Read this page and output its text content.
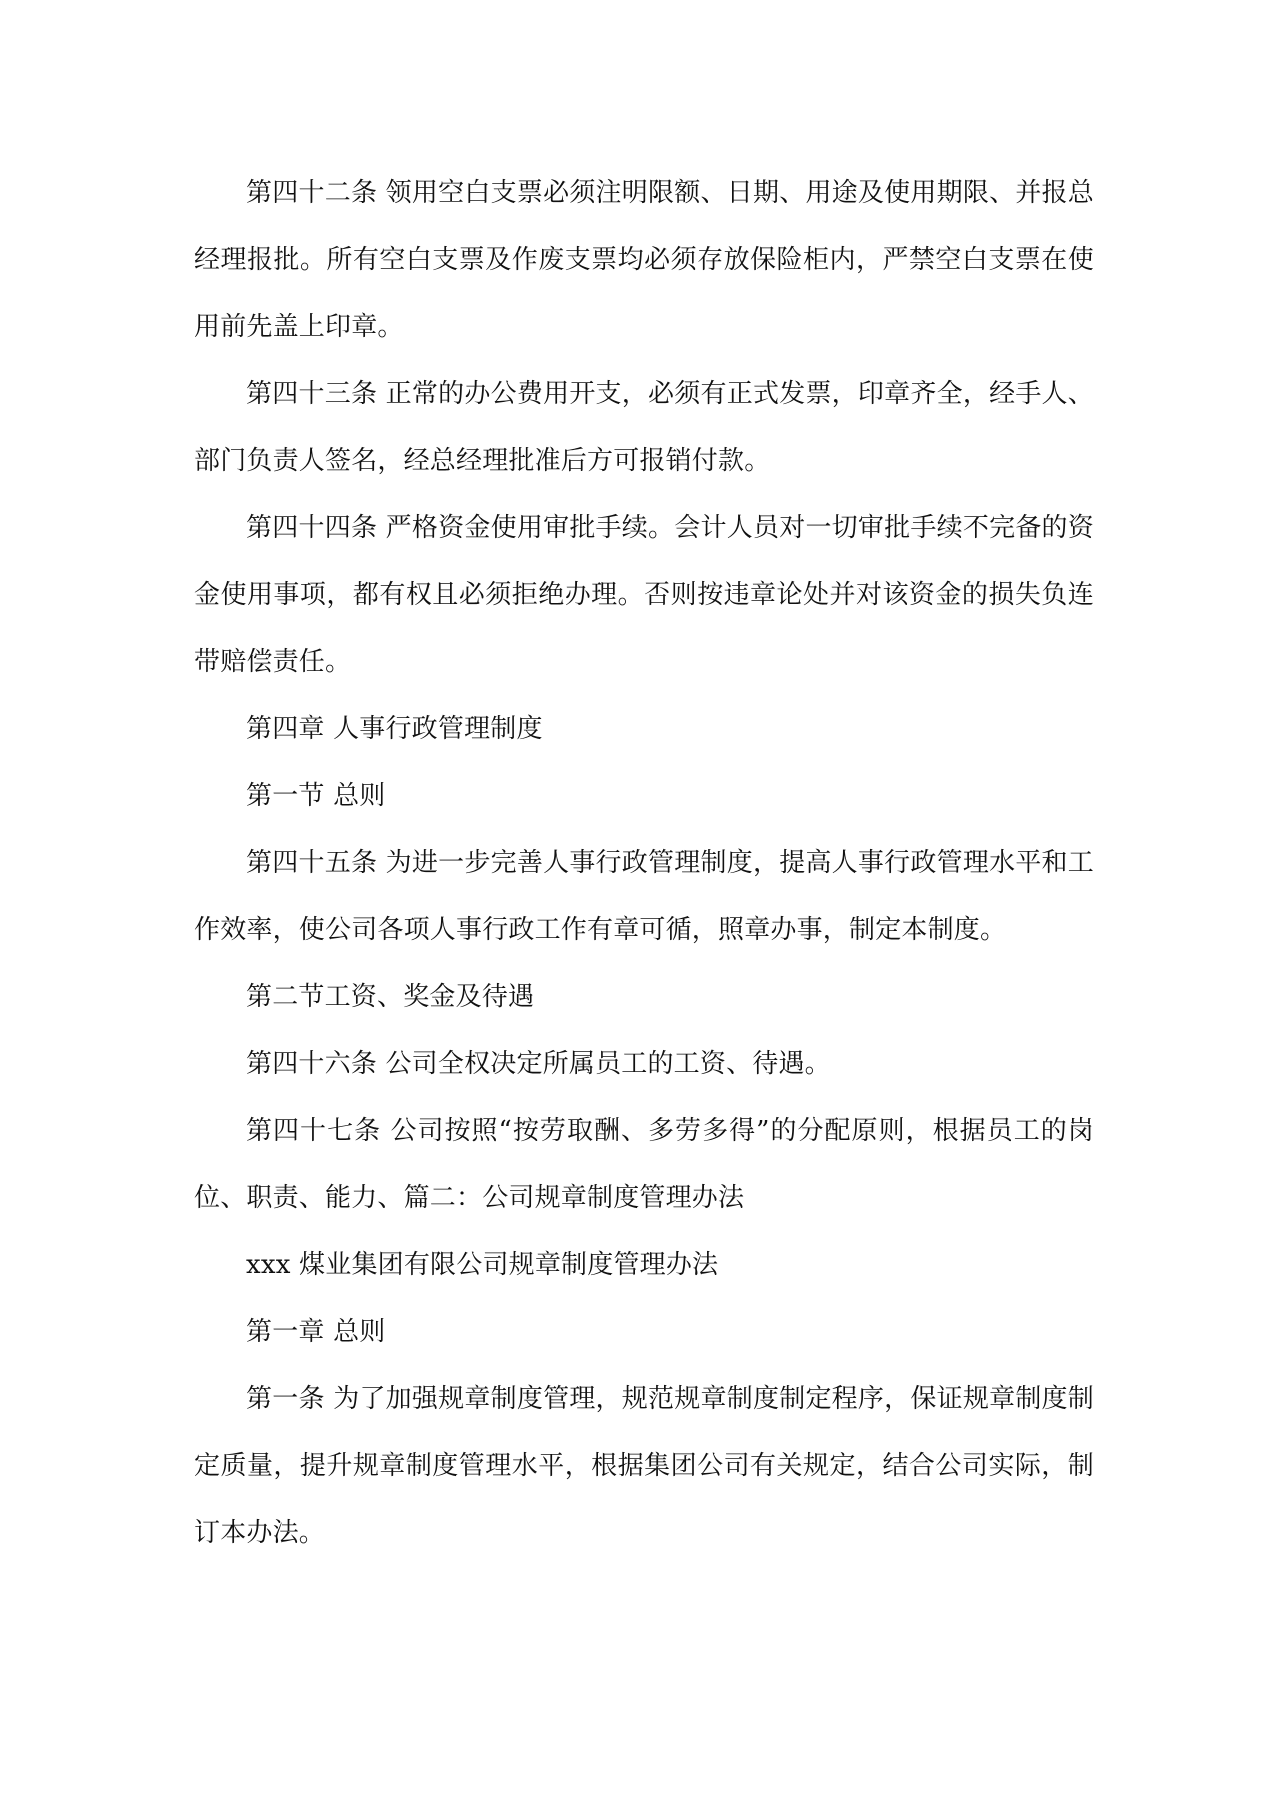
第四十二条 领用空白支票必须注明限额、日期、用途及使用期限、并报总经理报批。所有空白支票及作废支票均必须存放保险柜内，严禁空白支票在使用前先盖上印章。

第四十三条 正常的办公费用开支，必须有正式发票，印章齐全，经手人、部门负责人签名，经总经理批准后方可报销付款。

第四十四条 严格资金使用审批手续。会计人员对一切审批手续不完备的资金使用事项，都有权且必须拒绝办理。否则按违章论处并对该资金的损失负连带赔偿责任。

第四章 人事行政管理制度

第一节 总则

第四十五条 为进一步完善人事行政管理制度，提高人事行政管理水平和工作效率，使公司各项人事行政工作有章可循，照章办事，制定本制度。

第二节工资、奖金及待遇

第四十六条 公司全权决定所属员工的工资、待遇。

第四十七条 公司按照“按劳取酬、多劳多得”的分配原则，根据员工的岗位、职责、能力、篇二：公司规章制度管理办法

xxx 煤业集团有限公司规章制度管理办法

第一章 总则

第一条 为了加强规章制度管理，规范规章制度制定程序，保证规章制度制定质量，提升规章制度管理水平，根据集团公司有关规定，结合公司实际，制订本办法。
